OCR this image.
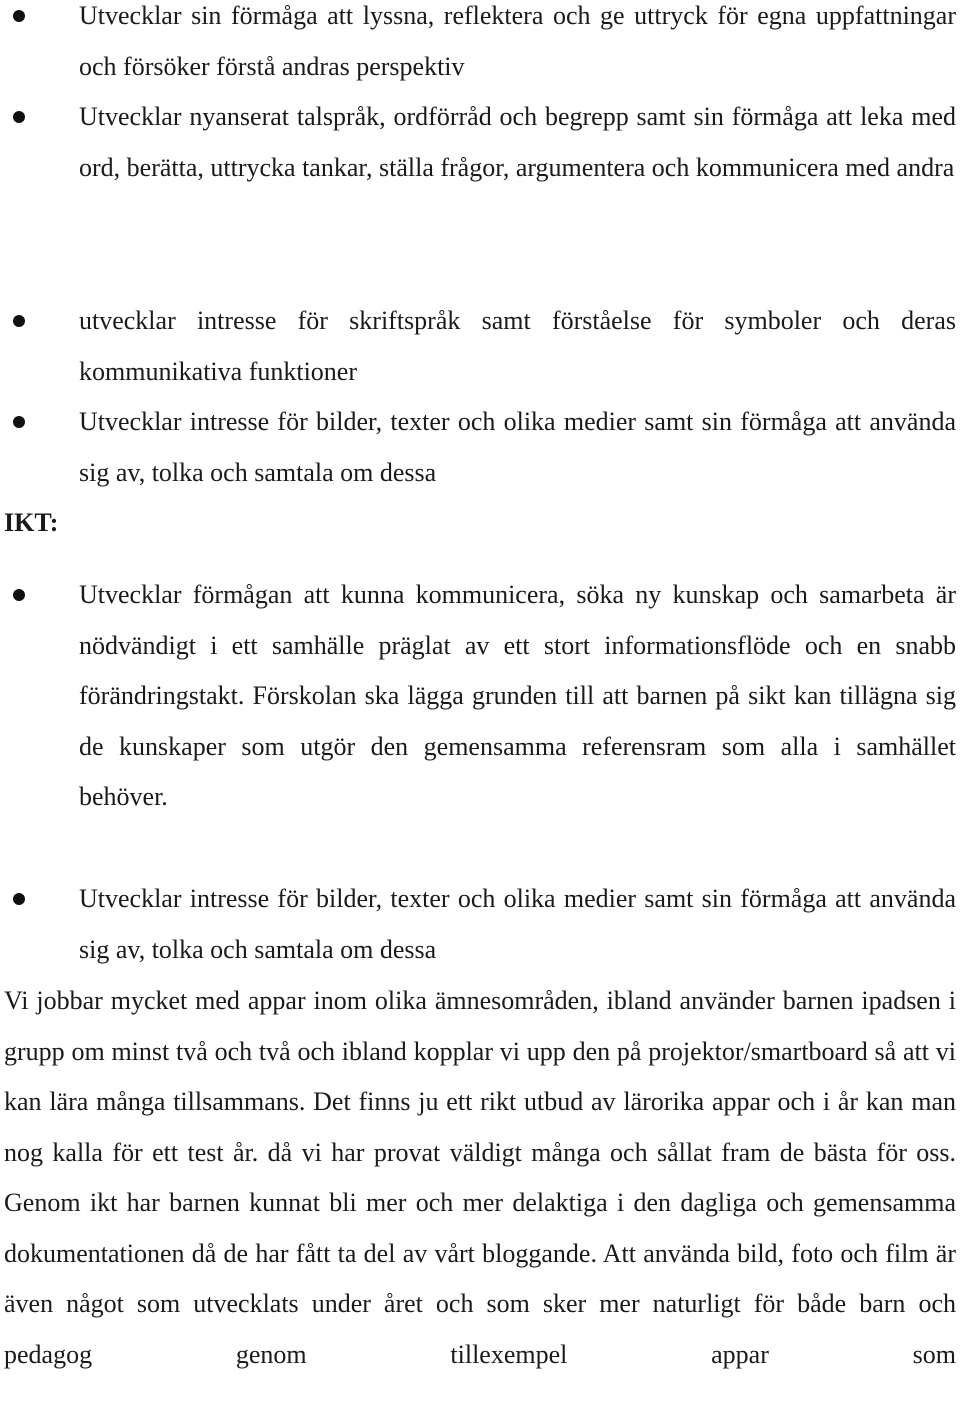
Utvecklar sin förmåga att lyssna, reflektera och ge uttryck för egna uppfattningar och försöker förstå andras perspektiv
Utvecklar nyanserat talspråk, ordförråd och begrepp samt sin förmåga att leka med ord, berätta, uttrycka tankar, ställa frågor, argumentera och kommunicera med andra
utvecklar intresse för skriftspråk samt förståelse för symboler och deras kommunikativa funktioner
Utvecklar intresse för bilder, texter och olika medier samt sin förmåga att använda sig av, tolka och samtala om dessa
IKT:
Utvecklar förmågan att kunna kommunicera, söka ny kunskap och samarbeta är nödvändigt i ett samhälle präglat av ett stort informationsflöde och en snabb förändringstakt. Förskolan ska lägga grunden till att barnen på sikt kan tillägna sig de kunskaper som utgör den gemensamma referensram som alla i samhället behöver.
Utvecklar intresse för bilder, texter och olika medier samt sin förmåga att använda sig av, tolka och samtala om dessa
Vi jobbar mycket med appar inom olika ämnesområden, ibland använder barnen ipadsen i grupp om minst två och två och ibland kopplar vi upp den på projektor/smartboard så att vi kan lära många tillsammans. Det finns ju ett rikt utbud av lärorika appar och i år kan man nog kalla för ett test år. då vi har provat väldigt många och sållat fram de bästa för oss. Genom ikt har barnen kunnat bli mer och mer delaktiga i den dagliga och gemensamma dokumentationen då de har fått ta del av vårt bloggande. Att använda bild, foto och film är även något som utvecklats under året och som sker mer naturligt för både barn och pedagog genom tillexempel appar som
